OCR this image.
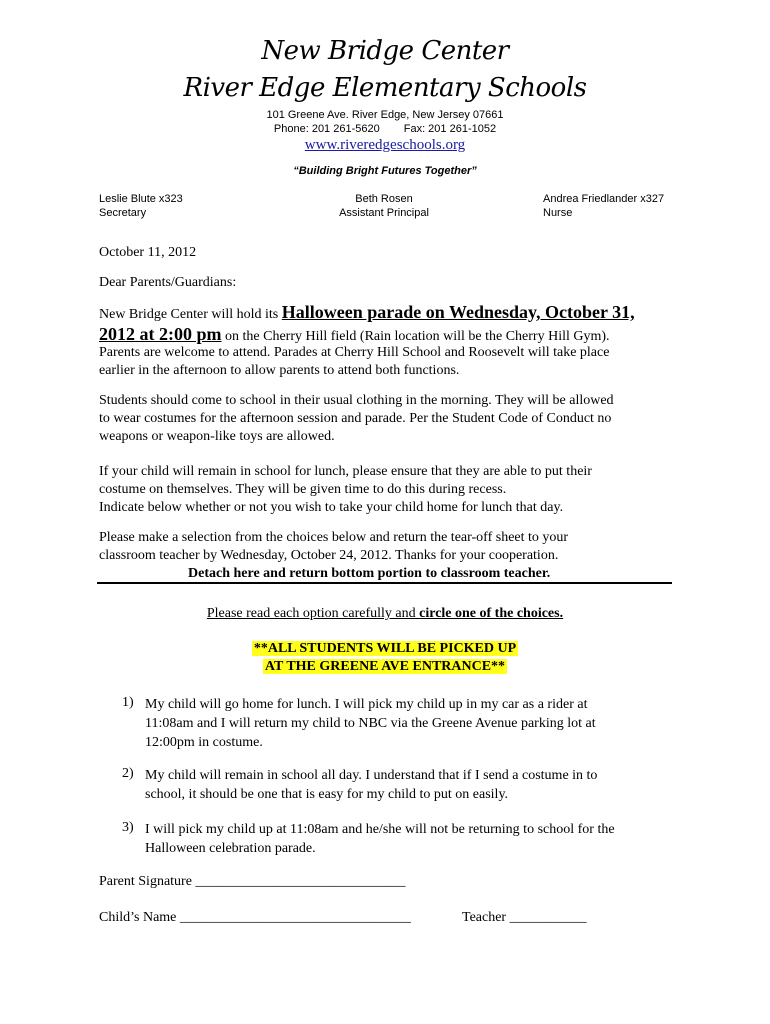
New Bridge Center
River Edge Elementary Schools
101 Greene Ave. River Edge, New Jersey 07661
Phone: 201 261-5620 Fax: 201 261-1052
www.riveredgeschools.org
“Building Bright Futures Together”
Leslie Blute x323
Secretary
Beth Rosen
Assistant Principal
Andrea Friedlander x327
Nurse
October 11, 2012
Dear Parents/Guardians:
New Bridge Center will hold its Halloween parade on Wednesday, October 31,
2012 at 2:00 pm on the Cherry Hill field (Rain location will be the Cherry Hill Gym).
Parents are welcome to attend. Parades at Cherry Hill School and Roosevelt will take place
earlier in the afternoon to allow parents to attend both functions.
Students should come to school in their usual clothing in the morning. They will be allowed
to wear costumes for the afternoon session and parade. Per the Student Code of Conduct no
weapons or weapon-like toys are allowed.
If your child will remain in school for lunch, please ensure that they are able to put their
costume on themselves. They will be given time to do this during recess.
Indicate below whether or not you wish to take your child home for lunch that day.
Please make a selection from the choices below and return the tear-off sheet to your
classroom teacher by Wednesday, October 24, 2012. Thanks for your cooperation.
Detach here and return bottom portion to classroom teacher.
Please read each option carefully and circle one of the choices.
**ALL STUDENTS WILL BE PICKED UP
AT THE GREENE AVE ENTRANCE**
1) My child will go home for lunch. I will pick my child up in my car as a rider at
11:08am and I will return my child to NBC via the Greene Avenue parking lot at
12:00pm in costume.
2) My child will remain in school all day. I understand that if I send a costume in to
school, it should be one that is easy for my child to put on easily.
3) I will pick my child up at 11:08am and he/she will not be returning to school for the
Halloween celebration parade.
Parent Signature ______________________________
Child’s Name _________________________________	Teacher ___________
